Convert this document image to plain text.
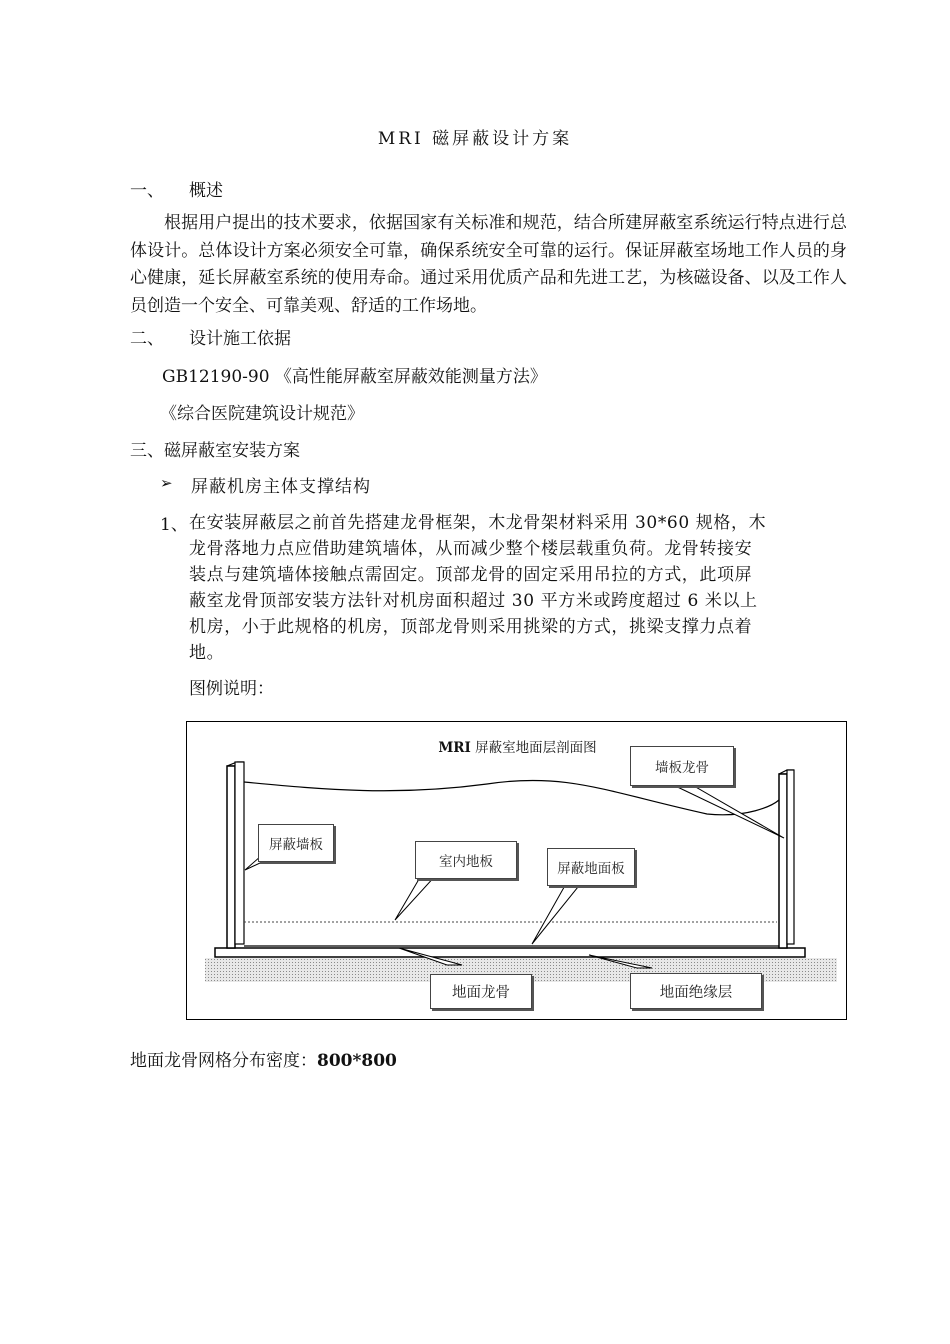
MRI 磁屏蔽设计方案
一、 概述
根据用户提出的技术要求，依据国家有关标准和规范，结合所建屏蔽室系统运行特点进行总体设计。总体设计方案必须安全可靠，确保系统安全可靠的运行。保证屏蔽室场地工作人员的身心健康，延长屏蔽室系统的使用寿命。通过采用优质产品和先进工艺，为核磁设备、以及工作人员创造一个安全、可靠美观、舒适的工作场地。
二、 设计施工依据
GB12190-90 《高性能屏蔽室屏蔽效能测量方法》
《综合医院建筑设计规范》
三、磁屏蔽室安装方案
➢ 屏蔽机房主体支撑结构
1、 在安装屏蔽层之前首先搭建龙骨框架，木龙骨架材料采用 30*60 规格，木
龙骨落地力点应借助建筑墙体，从而减少整个楼层载重负荷。龙骨转接安
装点与建筑墙体接触点需固定。顶部龙骨的固定采用吊拉的方式，此项屏
蔽室龙骨顶部安装方法针对机房面积超过 30 平方米或跨度超过 6 米以上
机房，小于此规格的机房，顶部龙骨则采用挑梁的方式，挑梁支撑力点着
地。
图例说明：
MRI 屏蔽室地面层剖面图
墙板龙骨
屏蔽墙板
室内地板	屏蔽地面板
地面龙骨	地面绝缘层
地面龙骨网格分布密度：800*800
